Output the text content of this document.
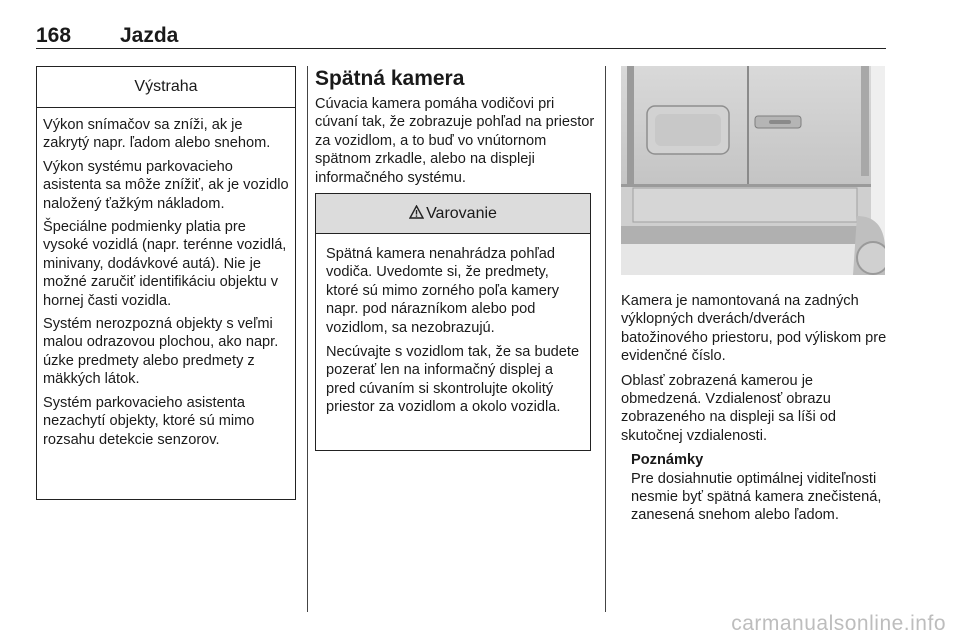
168 Jazda
Výstraha

Výkon snímačov sa zníži, ak je zakrytý napr. ľadom alebo snehom.

Výkon systému parkovacieho asistenta sa môže znížiť, ak je vozidlo naložený ťažkým nákladom.

Špeciálne podmienky platia pre vysoké vozidlá (napr. terénne vozidlá, minivany, dodávkové autá). Nie je možné zaručiť identifikáciu objektu v hornej časti vozidla.

Systém nerozpozná objekty s veľmi malou odrazovou plochou, ako napr. úzke predmety alebo predmety z mäkkých látok.

Systém parkovacieho asistenta nezachytí objekty, ktoré sú mimo rozsahu detekcie senzorov.

Spätná kamera

Cúvacia kamera pomáha vodičovi pri cúvaní tak, že zobrazuje pohľad na priestor za vozidlom, a to buď vo vnútornom spätnom zrkadle, alebo na displeji informačného systému.

Varovanie

Spätná kamera nenahrádza pohľad vodiča. Uvedomte si, že predmety, ktoré sú mimo zorného poľa kamery napr. pod nárazníkom alebo pod vozidlom, sa nezobrazujú.

Necúvajte s vozidlom tak, že sa budete pozerať len na informačný displej a pred cúvaním si skontrolujte okolitý priestor za vozidlom a okolo vozidla.

Kamera je namontovaná na zadných výklopných dverách/dverách batožinového priestoru, pod výliskom pre evidenčné číslo.

Oblasť zobrazená kamerou je obmedzená. Vzdialenosť obrazu zobrazeného na displeji sa líši od skutočnej vzdialenosti.

Poznámky

Pre dosiahnutie optimálnej viditeľnosti nesmie byť spätná kamera znečistená, zanesená snehom alebo ľadom.

carmanualsonline.info
